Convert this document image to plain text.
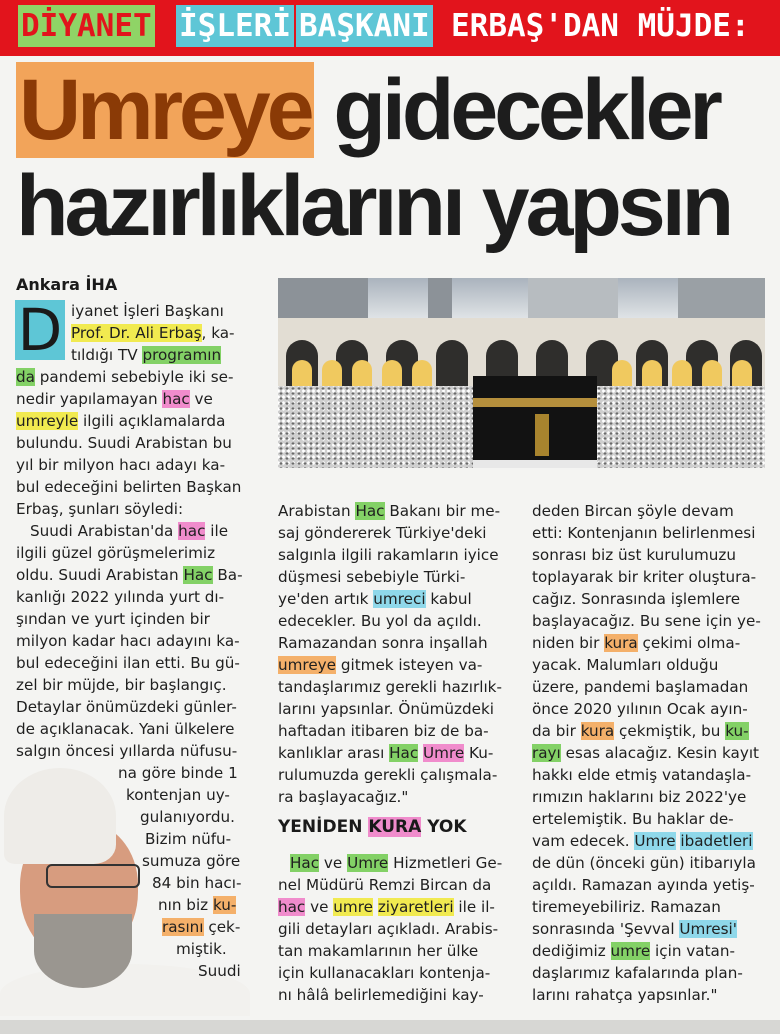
DİYANET İŞLERİ BAŞKANI ERBAŞ'DAN MÜJDE:
Umreye gidecekler
hazırlıklarını yapsın
Ankara İHA
D iyanet İşleri Başkanı
Prof. Dr. Ali Erbaş, ka-
tıldığı TV programın
da pandemi sebebiyle iki se-
nedir yapılamayan hac ve
umreyle ilgili açıklamalarda
bulundu. Suudi Arabistan bu
yıl bir milyon hacı adayı ka-
bul edeceğini belirten Başkan
Erbaş, şunları söyledi:
Suudi Arabistan'da hac ile
ilgili güzel görüşmelerimiz
oldu. Suudi Arabistan Hac Ba-
kanlığı 2022 yılında yurt dı-
şından ve yurt içinden bir
milyon kadar hacı adayını ka-
bul edeceğini ilan etti. Bu gü-
zel bir müjde, bir başlangıç.
Detaylar önümüzdeki günler-
de açıklanacak. Yani ülkelere
salgın öncesi yıllarda nüfusu-
na göre binde 1
kontenjan uy-
gulanıyordu.
Bizim nüfu-
sumuza göre
84 bin hacı-
nın biz ku-
rasını çek-
miştik.
Suudi
Arabistan Hac Bakanı bir me-
saj göndererek Türkiye'deki
salgınla ilgili rakamların iyice
düşmesi sebebiyle Türki-
ye'den artık umreci kabul
edecekler. Bu yol da açıldı.
Ramazandan sonra inşallah
umreye gitmek isteyen va-
tandaşlarımız gerekli hazırlık-
larını yapsınlar. Önümüzdeki
haftadan itibaren biz de ba-
kanlıklar arası Hac Umre Ku-
rulumuzda gerekli çalışmala-
ra başlayacağız."
YENİDEN KURA YOK
Hac ve Umre Hizmetleri Ge-
nel Müdürü Remzi Bircan da
hac ve umre ziyaretleri ile il-
gili detayları açıkladı. Arabis-
tan makamlarının her ülke
için kullanacakları kontenja-
nı hâlâ belirlemediğini kay-
deden Bircan şöyle devam
etti: Kontenjanın belirlenmesi
sonrası biz üst kurulumuzu
toplayarak bir kriter oluştura-
cağız. Sonrasında işlemlere
başlayacağız. Bu sene için ye-
niden bir kura çekimi olma-
yacak. Malumları olduğu
üzere, pandemi başlamadan
önce 2020 yılının Ocak ayın-
da bir kura çekmiştik, bu ku-
rayı esas alacağız. Kesin kayıt
hakkı elde etmiş vatandaşla-
rımızın haklarını biz 2022'ye
ertelemiştik. Bu haklar de-
vam edecek. Umre ibadetleri
de dün (önceki gün) itibarıyla
açıldı. Ramazan ayında yetiş-
tiremeyebiliriz. Ramazan
sonrasında 'Şevval Umresi'
dediğimiz umre için vatan-
daşlarımız kafalarında plan-
larını rahatça yapsınlar."
